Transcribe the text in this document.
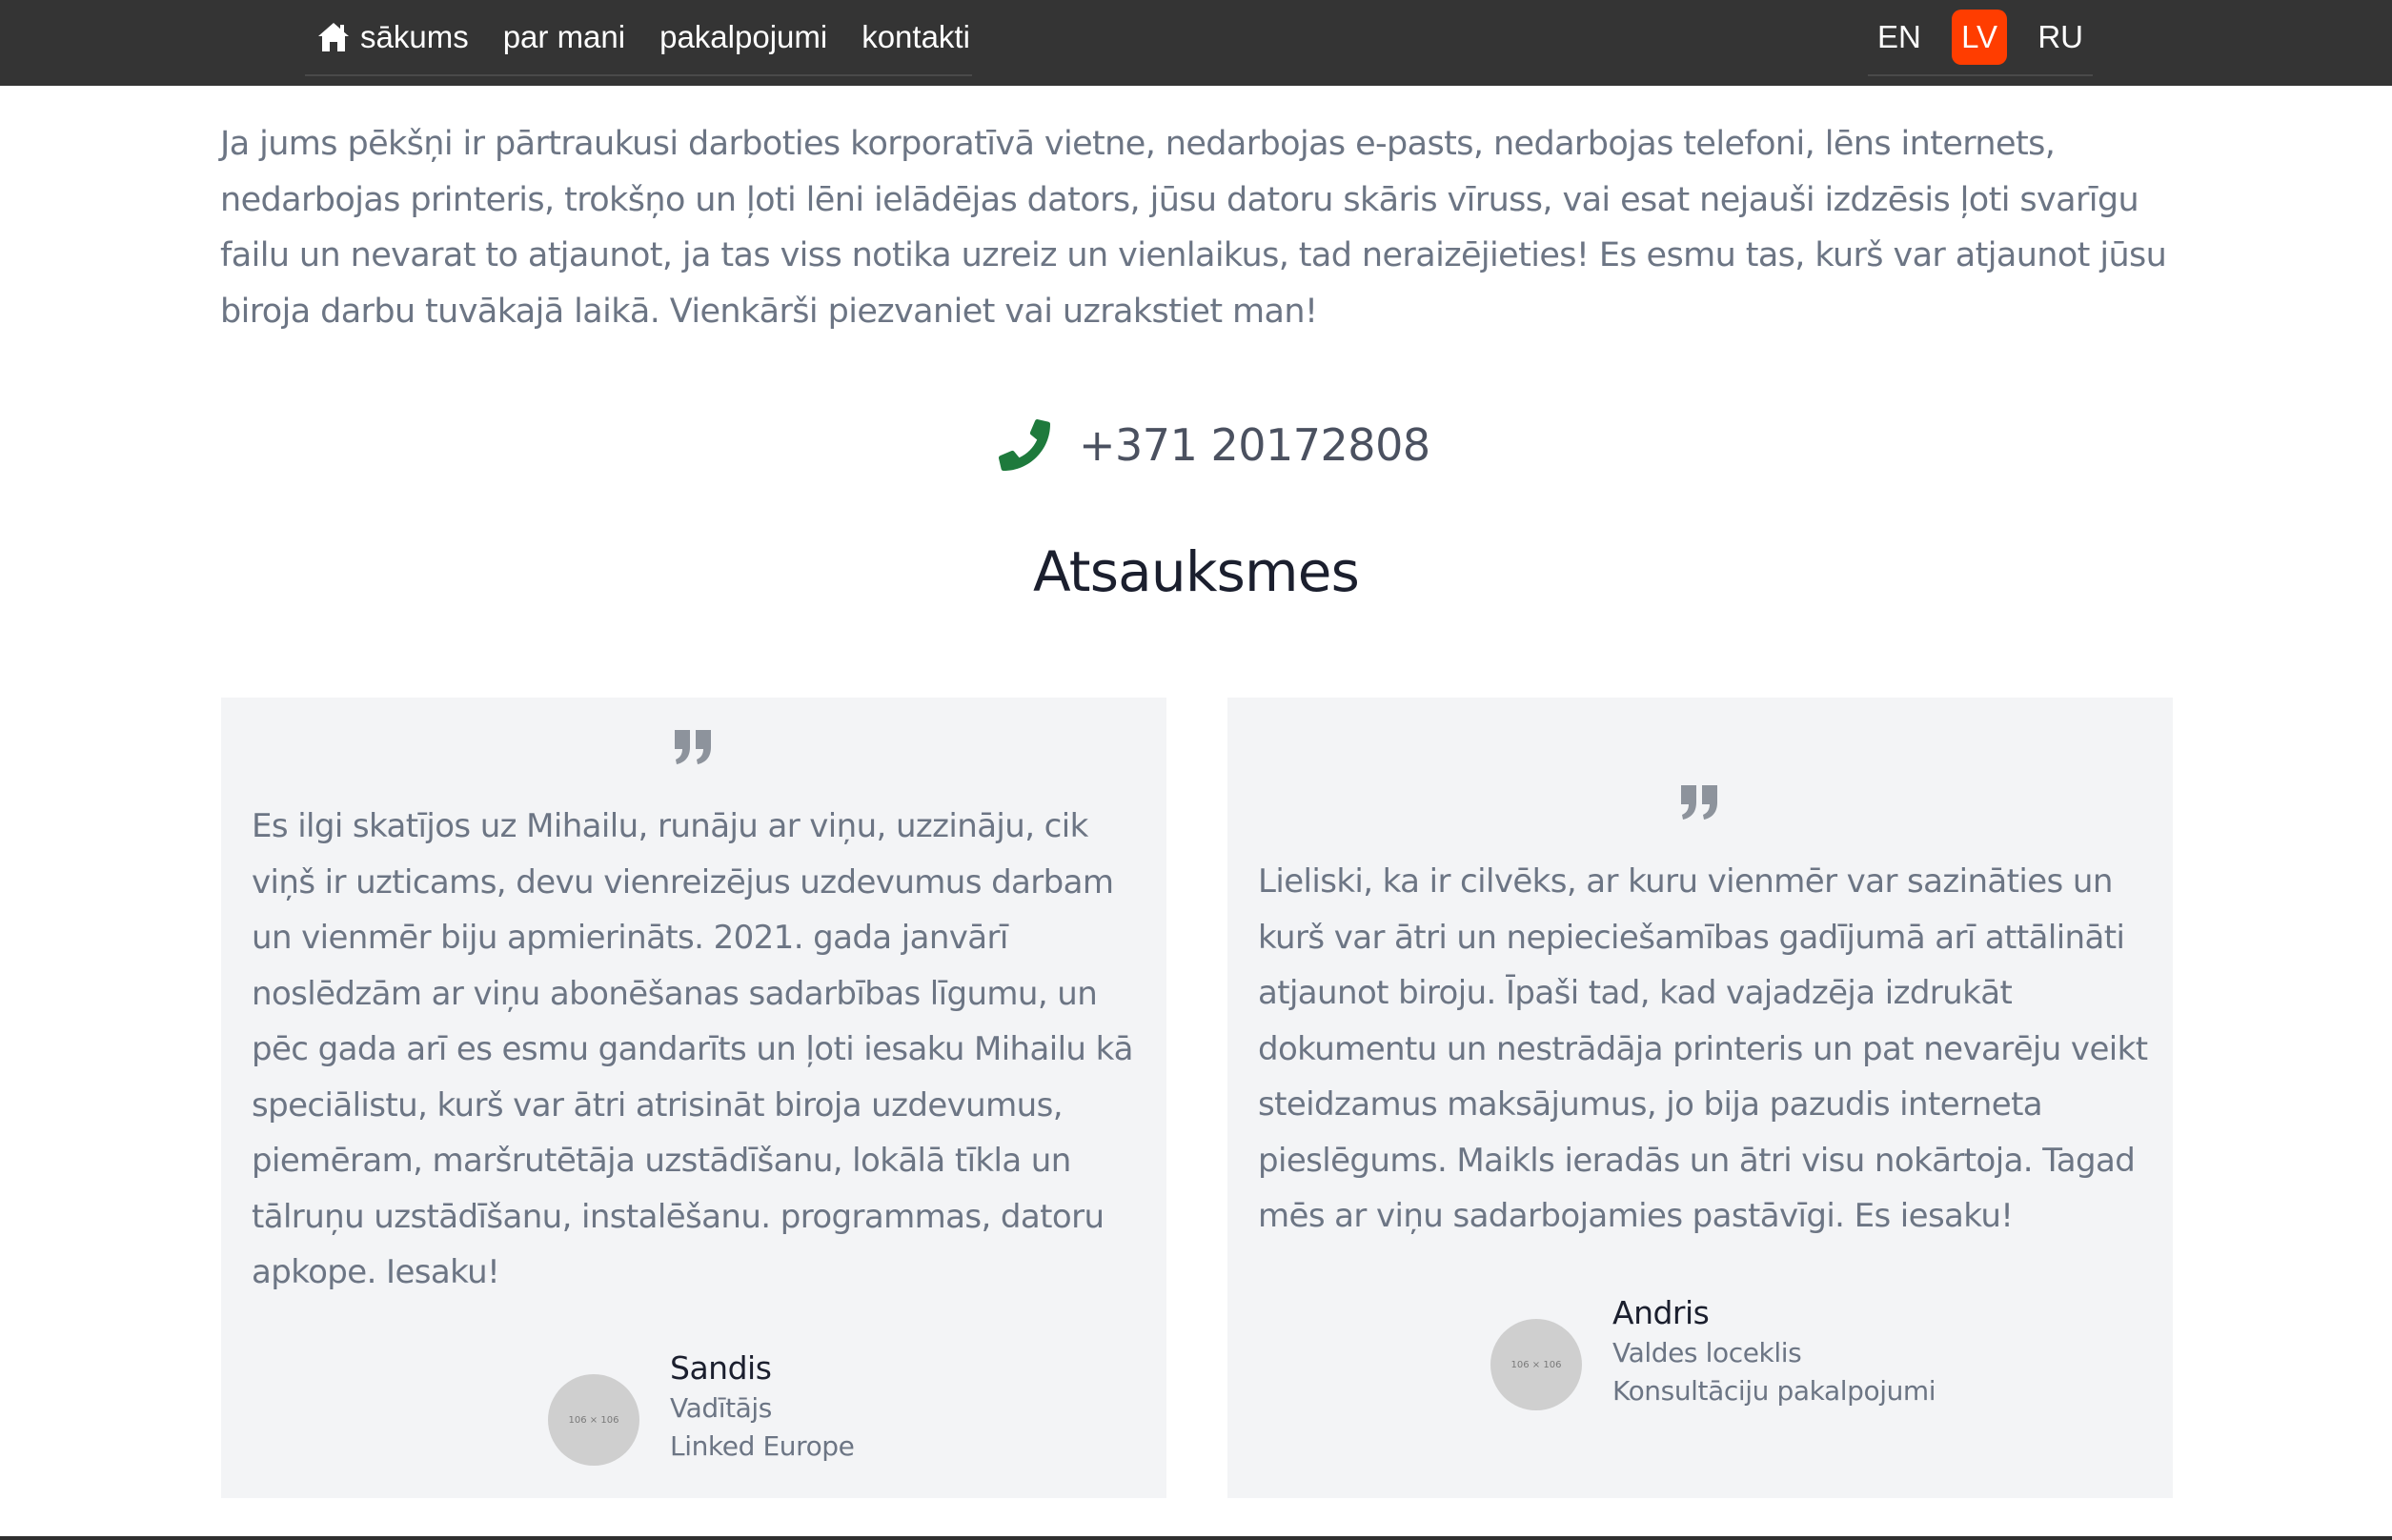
sākums par mani pakalpojumi kontakti	EN	LV	RU

Ja jums pēkšņi ir pārtraukusi darboties korporatīvā vietne, nedarbojas e-pasts, nedarbojas telefoni, lēns internets, nedarbojas printeris, trokšņo un ļoti lēni ielādējas dators, jūsu datoru skāris vīruss, vai esat nejauši izdzēsis ļoti svarīgu failu un nevarat to atjaunot, ja tas viss notika uzreiz un vienlaikus, tad neraizējieties! Es esmu tas, kurš var atjaunot jūsu biroja darbu tuvākajā laikā. Vienkārši piezvaniet vai uzrakstiet man!

+371 20172808
Atsauksmes

Es ilgi skatījos uz Mihailu, runāju ar viņu, uzzināju, cik viņš ir uzticams, devu vienreizējus uzdevumus darbam un vienmēr biju apmierināts. 2021. gada janvārī noslēdzām ar viņu abonēšanas sadarbības līgumu, un pēc gada arī es esmu gandarīts un ļoti iesaku Mihailu kā speciālistu, kurš var ātri atrisināt biroja uzdevumus, piemēram, maršrutētāja uzstādīšanu, lokālā tīkla un tālruņu uzstādīšanu, instalēšanu. programmas, datoru apkope. Iesaku!

106 × 106
Sandis
Vadītājs
Linked Europe

Lieliski, ka ir cilvēks, ar kuru vienmēr var sazināties un kurš var ātri un nepieciešamības gadījumā arī attālināti atjaunot biroju. Īpaši tad, kad vajadzēja izdrukāt dokumentu un nestrādāja printeris un pat nevarēju veikt steidzamus maksājumus, jo bija pazudis interneta pieslēgums. Maikls ieradās un ātri visu nokārtoja. Tagad mēs ar viņu sadarbojamies pastāvīgi. Es iesaku!

106 × 106
Andris
Valdes loceklis
Konsultāciju pakalpojumi
